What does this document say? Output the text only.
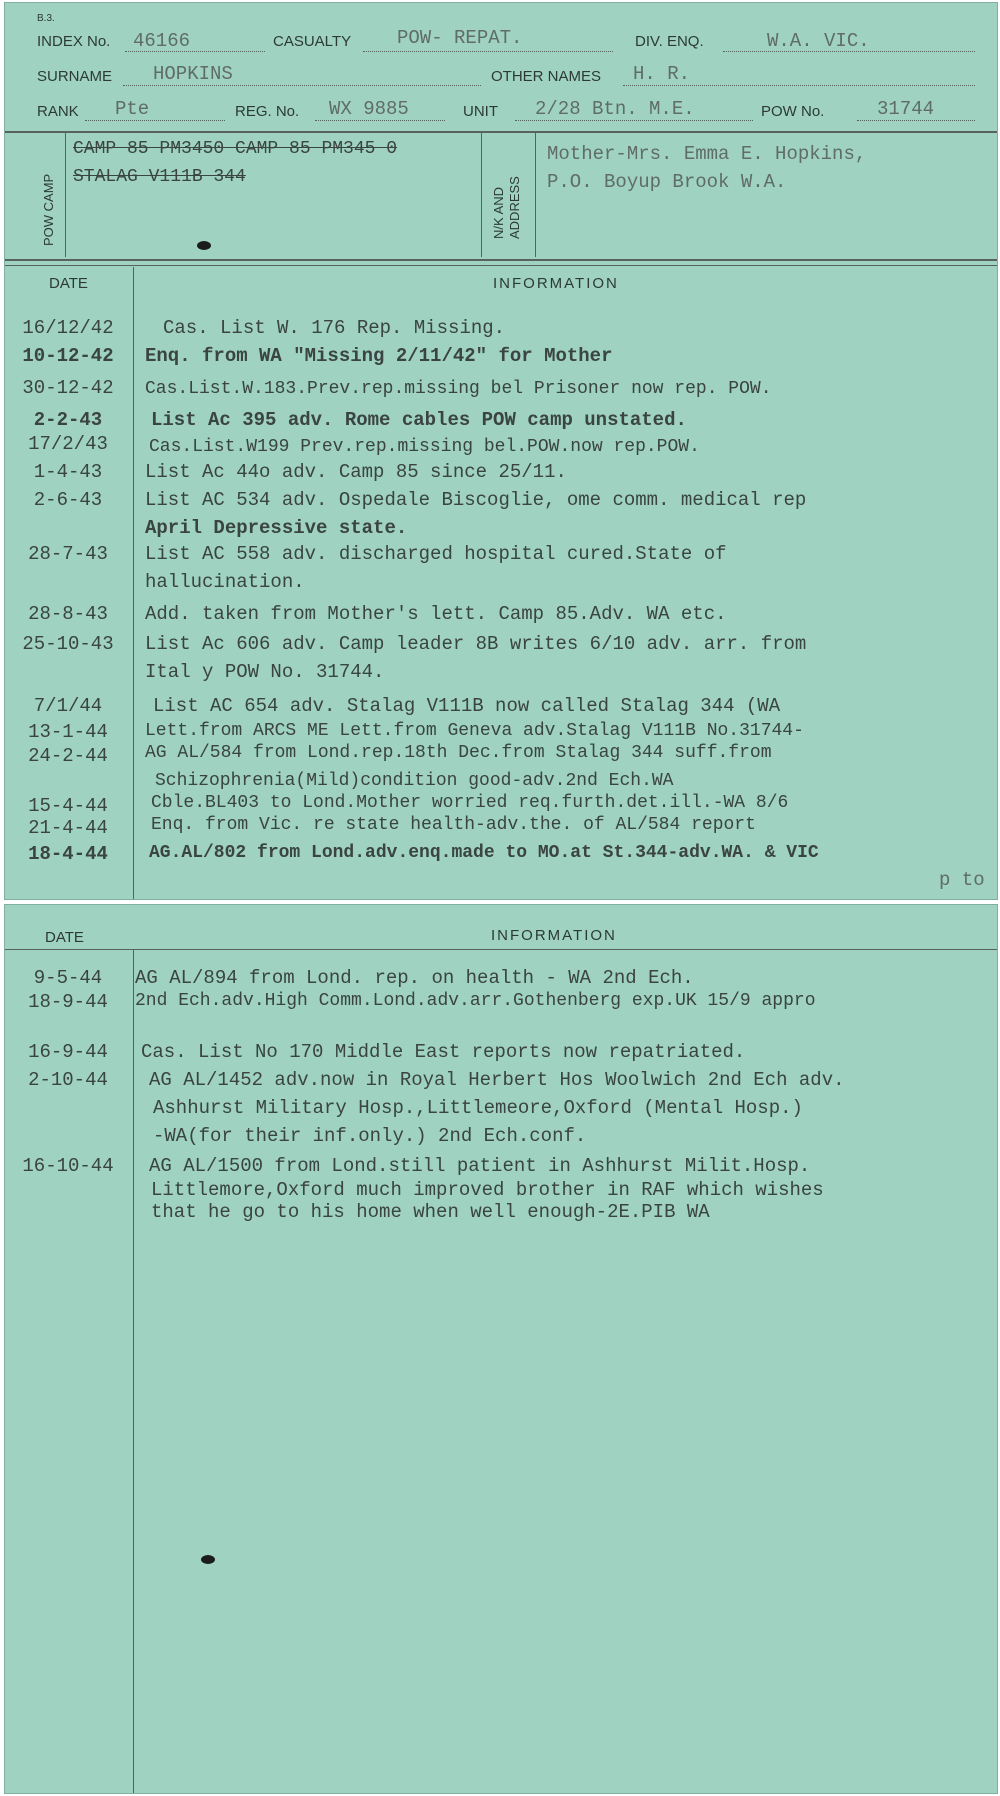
B.3.
INDEX No. 46166	CASUALTY POW- REPAT.	DIV. ENQ.	W.A. VIC.
SURNAME HOPKINS	OTHER NAMES H. R.
RANK Pte	REG. No. WX 9885	UNIT 2/28 Btn. M.E.	POW No.	31744
POW CAMP
CAMP 85 PM3450 CAMP 85 PM345 0
STALAG V111B 344
N/K AND ADDRESS
Mother-Mrs. Emma E. Hopkins,
P.O. Boyup Brook W.A.
DATE	INFORMATION
16/12/42	Cas. List W. 176 Rep. Missing.
10-12-42	Enq. from WA "Missing 2/11/42" for Mother
30-12-42	Cas.List.W.183.Prev.rep.missing bel Prisoner now rep. POW.
2-2-43	List Ac 395 adv. Rome cables POW camp unstated.
17/2/43	Cas.List.W199 Prev.rep.missing bel.POW.now rep.POW.
1-4-43	List Ac 44o adv. Camp 85 since 25/11.
2-6-43	List AC 534 adv. Ospedale Biscoglie, ome comm. medical rep
April Depressive state.
28-7-43	List AC 558 adv. discharged hospital cured.State of
hallucination.
28-8-43	Add. taken from Mother's lett. Camp 85.Adv. WA etc.
25-10-43	List Ac 606 adv. Camp leader 8B writes 6/10 adv. arr. from
Ital y POW No. 31744.
7/1/44	List AC 654 adv. Stalag V111B now called Stalag 344 (WA
13-1-44	Lett.from ARCS ME Lett.from Geneva adv.Stalag V111B No.31744-
24-2-44	AG AL/584 from Lond.rep.18th Dec.from Stalag 344 suff.from
Schizophrenia(Mild)condition good-adv.2nd Ech.WA
15-4-44	Cble.BL403 to Lond.Mother worried req.furth.det.ill.-WA 8/6
21-4-44	Enq. from Vic. re state health-adv.the. of AL/584 report
18-4-44	AG.AL/802 from Lond.adv.enq.made to MO.at St.344-adv.WA. & VIC
p to
DATE	INFORMATION
9-5-44	AG AL/894 from Lond. rep. on health - WA 2nd Ech.
18-9-44	2nd Ech.adv.High Comm.Lond.adv.arr.Gothenberg exp.UK 15/9 appro
16-9-44	Cas. List No 170 Middle East reports now repatriated.
2-10-44	AG AL/1452 adv.now in Royal Herbert Hos Woolwich 2nd Ech adv.
Ashhurst Military Hosp.,Littlemeore,Oxford (Mental Hosp.)
-WA(for their inf.only.) 2nd Ech.conf.
16-10-44	AG AL/1500 from Lond.still patient in Ashhurst Milit.Hosp.
Littlemore,Oxford much improved brother in RAF which wishes
that he go to his home when well enough-2E.PIB WA
